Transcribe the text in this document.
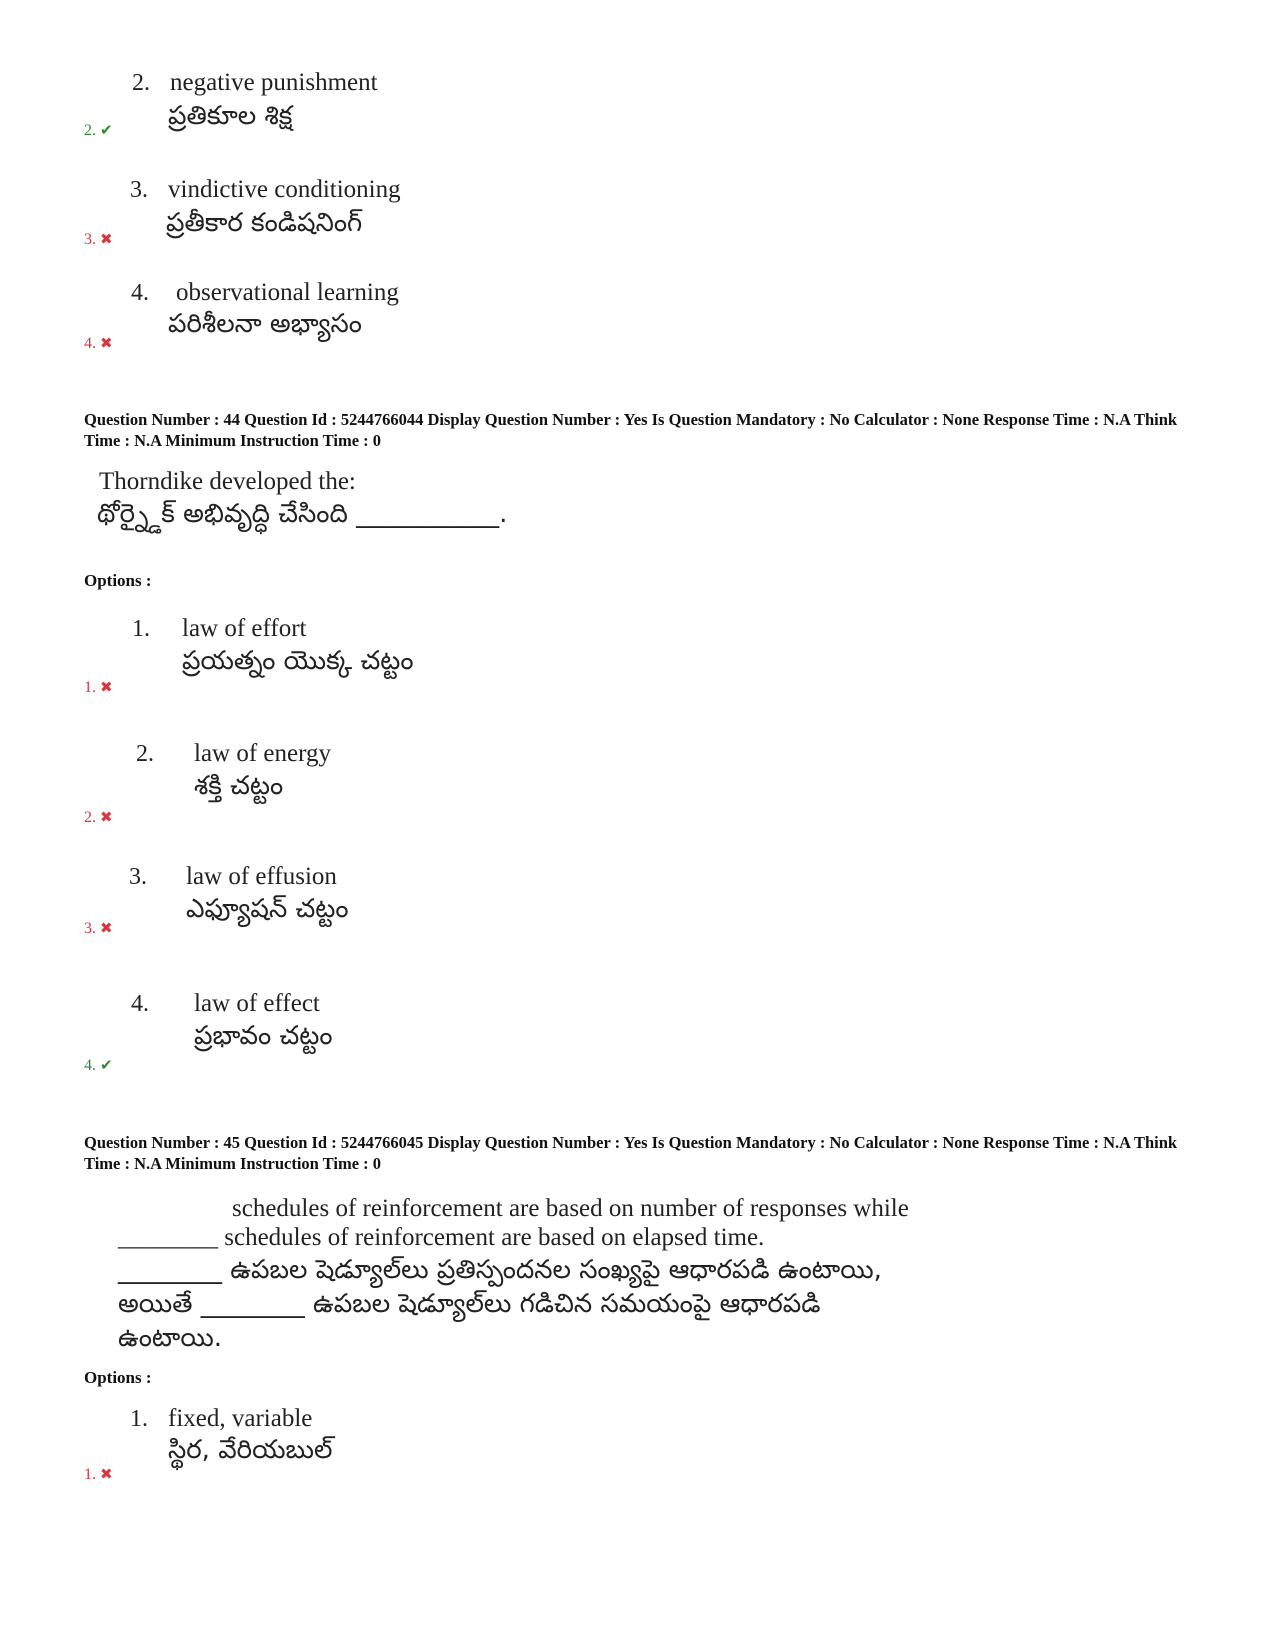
2. negative punishment
ప్రతికూల శిక్ష
2. ✔
3. vindictive conditioning
ప్రతీకార కండిషనింగ్
3. ✖
4. observational learning
పరిశీలనా అభ్యాసం
4. ✖
Question Number : 44 Question Id : 5244766044 Display Question Number : Yes Is Question Mandatory : No Calculator : None Response Time : N.A Think Time : N.A Minimum Instruction Time : 0
Thorndike developed the:
థోర్న్డైక్ అభివృద్ధి చేసింది ___________.
Options :
1. law of effort
ప్రయత్నం యొక్క చట్టం
1. ✖
2. law of energy
శక్తి చట్టం
2. ✖
3. law of effusion
ఎఫ్యూషన్ చట్టం
3. ✖
4. law of effect
ప్రభావం చట్టం
4. ✔
Question Number : 45 Question Id : 5244766045 Display Question Number : Yes Is Question Mandatory : No Calculator : None Response Time : N.A Think Time : N.A Minimum Instruction Time : 0
schedules of reinforcement are based on number of responses while
________ schedules of reinforcement are based on elapsed time.
________ ఉపబల షెడ్యూల్‌లు ప్రతిస్పందనల సంఖ్యపై ఆధారపడి ఉంటాయి,
అయితే ________ ఉపబల షెడ్యూల్‌లు గడిచిన సమయంపై ఆధారపడి
ఉంటాయి.
Options :
1. fixed, variable
స్థిర, వేరియబుల్
1. ✖
